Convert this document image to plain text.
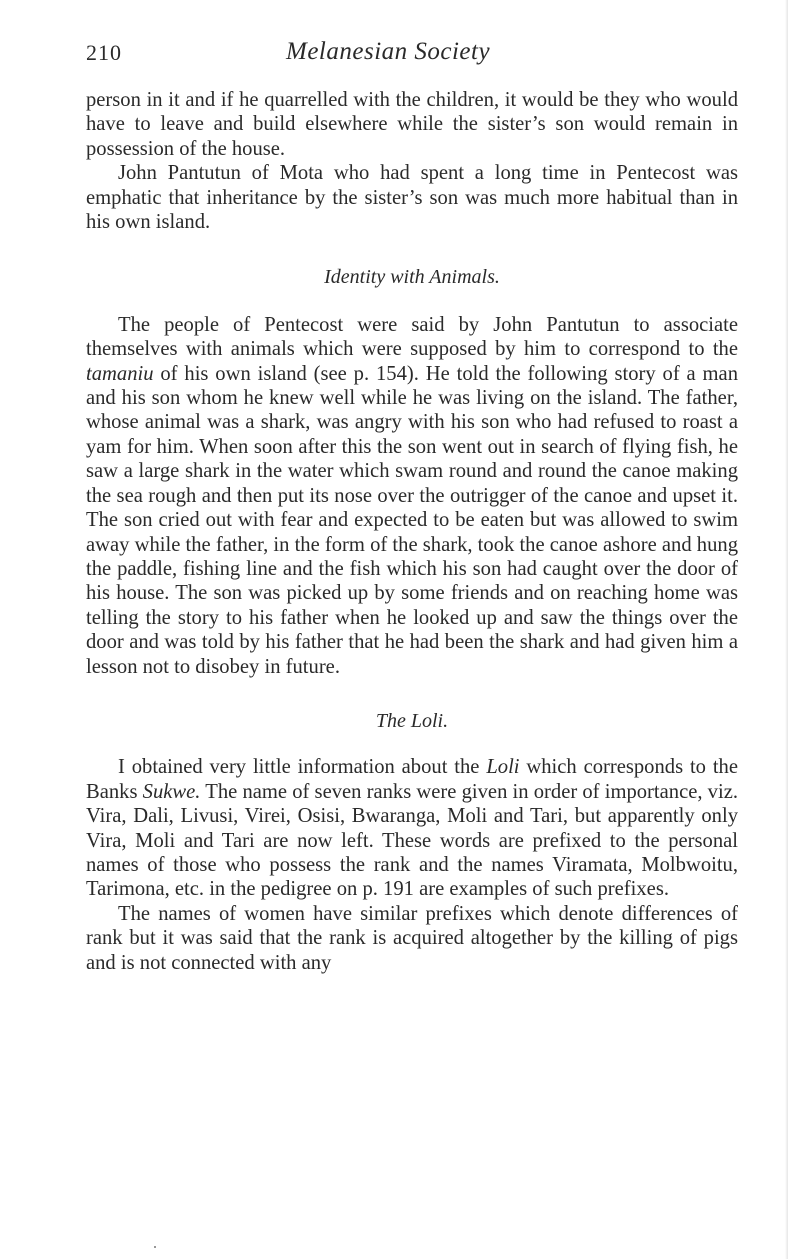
210	Melanesian Society

person in it and if he quarrelled with the children, it would be they who would have to leave and build elsewhere while the sister’s son would remain in possession of the house.

John Pantutun of Mota who had spent a long time in Pentecost was emphatic that inheritance by the sister’s son was much more habitual than in his own island.

Identity with Animals.

The people of Pentecost were said by John Pantutun to associate themselves with animals which were supposed by him to correspond to the tamaniu of his own island (see p. 154). He told the following story of a man and his son whom he knew well while he was living on the island. The father, whose animal was a shark, was angry with his son who had refused to roast a yam for him. When soon after this the son went out in search of flying fish, he saw a large shark in the water which swam round and round the canoe making the sea rough and then put its nose over the outrigger of the canoe and upset it. The son cried out with fear and expected to be eaten but was allowed to swim away while the father, in the form of the shark, took the canoe ashore and hung the paddle, fishing line and the fish which his son had caught over the door of his house. The son was picked up by some friends and on reaching home was telling the story to his father when he looked up and saw the things over the door and was told by his father that he had been the shark and had given him a lesson not to disobey in future.

The Loli.

I obtained very little information about the Loli which corresponds to the Banks Sukwe. The name of seven ranks were given in order of importance, viz. Vira, Dali, Livusi, Virei, Osisi, Bwaranga, Moli and Tari, but apparently only Vira, Moli and Tari are now left. These words are prefixed to the personal names of those who possess the rank and the names Viramata, Molbwoitu, Tarimona, etc. in the pedigree on p. 191 are examples of such prefixes.

The names of women have similar prefixes which denote differences of rank but it was said that the rank is acquired altogether by the killing of pigs and is not connected with any
